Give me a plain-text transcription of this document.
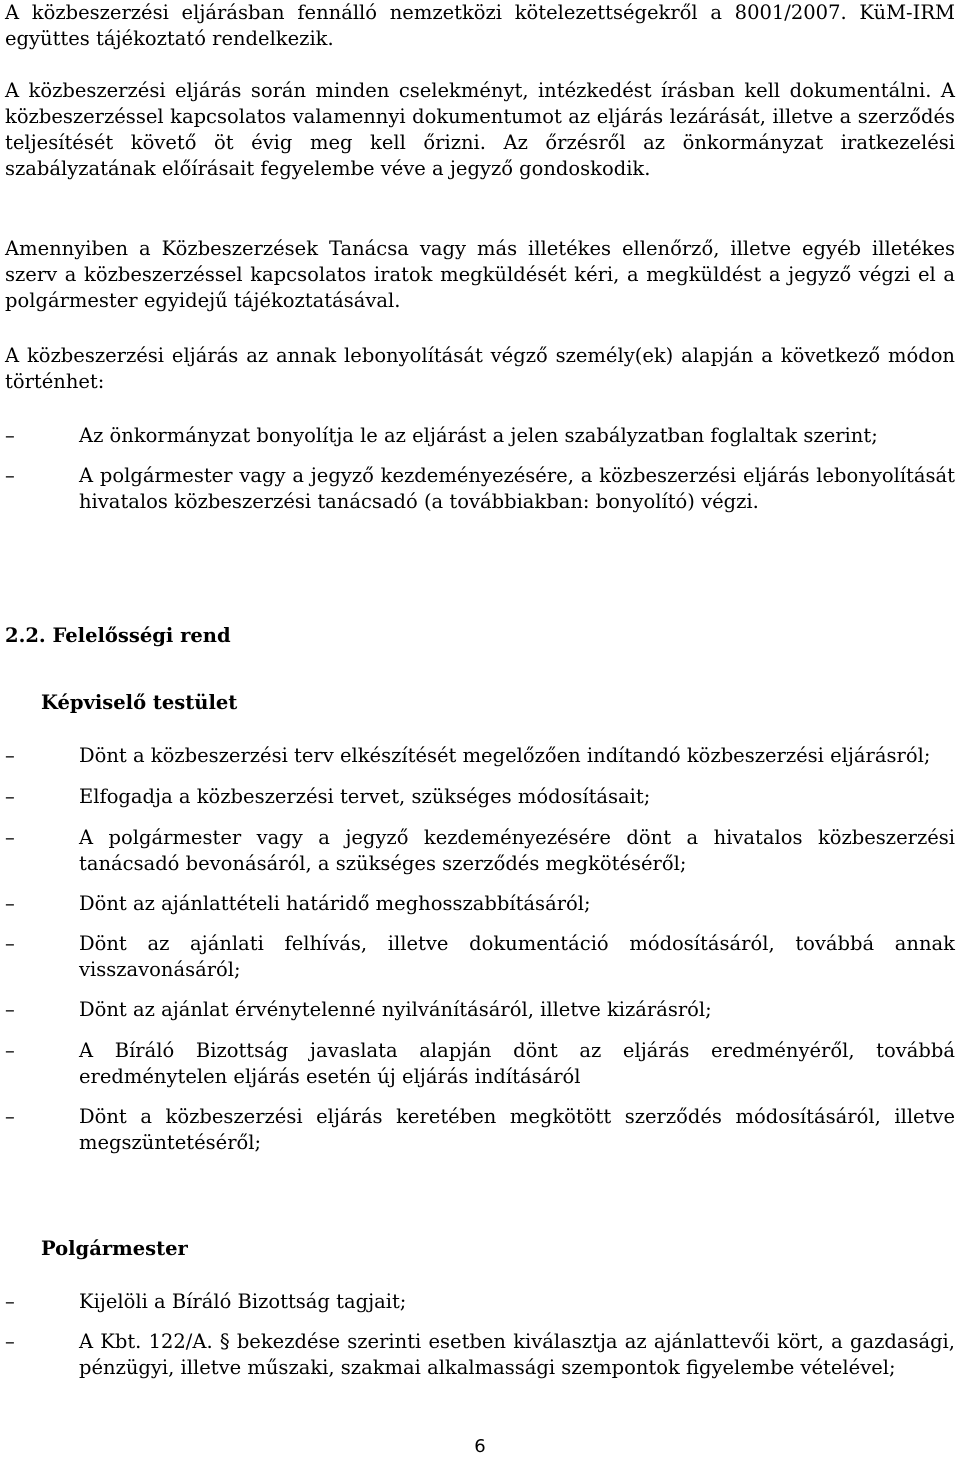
A közbeszerzési eljárásban fennálló nemzetközi kötelezettségekről a 8001/2007. KüM-IRM együttes tájékoztató rendelkezik.

A közbeszerzési eljárás során minden cselekményt, intézkedést írásban kell dokumentálni. A közbeszerzéssel kapcsolatos valamennyi dokumentumot az eljárás lezárását, illetve a szerződés teljesítését követő öt évig meg kell őrizni. Az őrzésről az önkormányzat iratkezelési szabályzatának előírásait fegyelembe véve a jegyző gondoskodik.

Amennyiben a Közbeszerzések Tanácsa vagy más illetékes ellenőrző, illetve egyéb illetékes szerv a közbeszerzéssel kapcsolatos iratok megküldését kéri, a megküldést a jegyző végzi el a polgármester egyidejű tájékoztatásával.

A közbeszerzési eljárás az annak lebonyolítását végző személy(ek) alapján a következő módon történhet:

–	Az önkormányzat bonyolítja le az eljárást a jelen szabályzatban foglaltak szerint;
–	A polgármester vagy a jegyző kezdeményezésére, a közbeszerzési eljárás lebonyolítását hivatalos közbeszerzési tanácsadó (a továbbiakban: bonyolító) végzi.
2.2. Felelősségi rend
Képviselő testület
–	Dönt a közbeszerzési terv elkészítését megelőzően indítandó közbeszerzési eljárásról;
–	Elfogadja a közbeszerzési tervet, szükséges módosításait;
–	A polgármester vagy a jegyző kezdeményezésére dönt a hivatalos közbeszerzési tanácsadó bevonásáról, a szükséges szerződés megkötéséről;
–	Dönt az ajánlattételi határidő meghosszabbításáról;
–	Dönt az ajánlati felhívás, illetve dokumentáció módosításáról, továbbá annak visszavonásáról;
–	Dönt az ajánlat érvénytelenné nyilvánításáról, illetve kizárásról;
–	A Bíráló Bizottság javaslata alapján dönt az eljárás eredményéről, továbbá eredménytelen eljárás esetén új eljárás indításáról
–	Dönt a közbeszerzési eljárás keretében megkötött szerződés módosításáról, illetve megszüntetéséről;
Polgármester
–	Kijelöli a Bíráló Bizottság tagjait;
–	A Kbt. 122/A. § bekezdése szerinti esetben kiválasztja az ajánlattevői kört, a gazdasági, pénzügyi, illetve műszaki, szakmai alkalmassági szempontok figyelembe vételével;
6
